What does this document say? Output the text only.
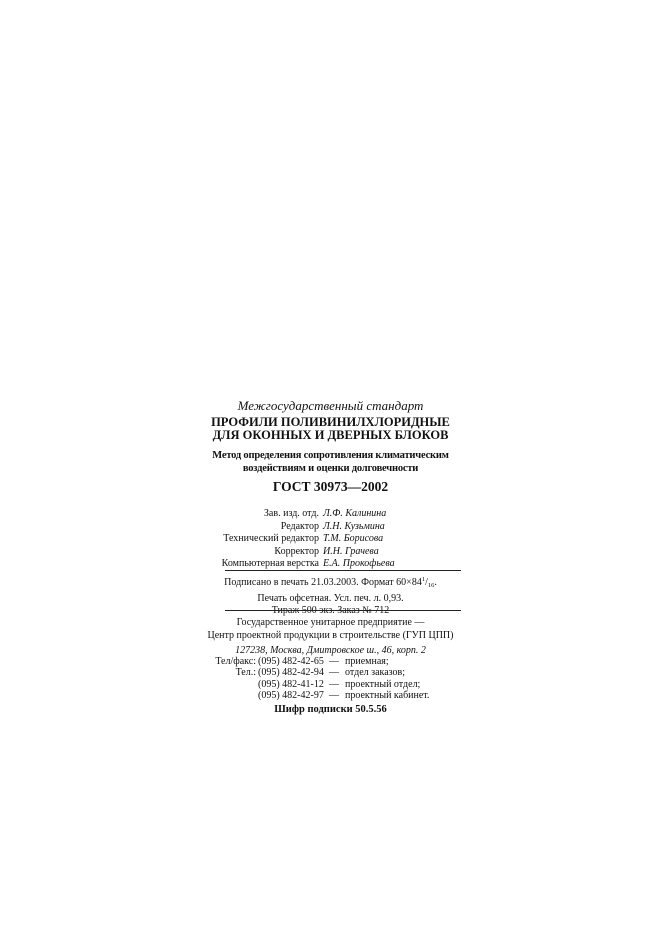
Межгосударственный стандарт
ПРОФИЛИ ПОЛИВИНИЛХЛОРИДНЫЕ
ДЛЯ ОКОННЫХ И ДВЕРНЫХ БЛОКОВ
Метод определения сопротивления климатическим
воздействиям и оценки долговечности
ГОСТ 30973—2002
Зав. изд. отд. Л.Ф. Калинина
Редактор Л.Н. Кузьмина
Технический редактор Т.М. Борисова
Корректор И.Н. Грачева
Компьютерная верстка Е.А. Прокофьева
Подписано в печать 21.03.2003. Формат $60\times 84^1/_{16}$.
Печать офсетная. Усл. печ. л. 0,93.
Государственное унитарное предприятие —
Центр проектной продукции в строительстве (ГУП ЦПП)
127238, Москва, Дмитровское ш., 46, корп. 2
Тел/факс: (095) 482-42-65 — приемная;
Тел.: (095) 482-42-94 — отдел заказов;
(095) 482-41-12 — проектный отдел;
(095) 482-42-97 — проектный кабинет.
Шифр подписки 50.5.56
